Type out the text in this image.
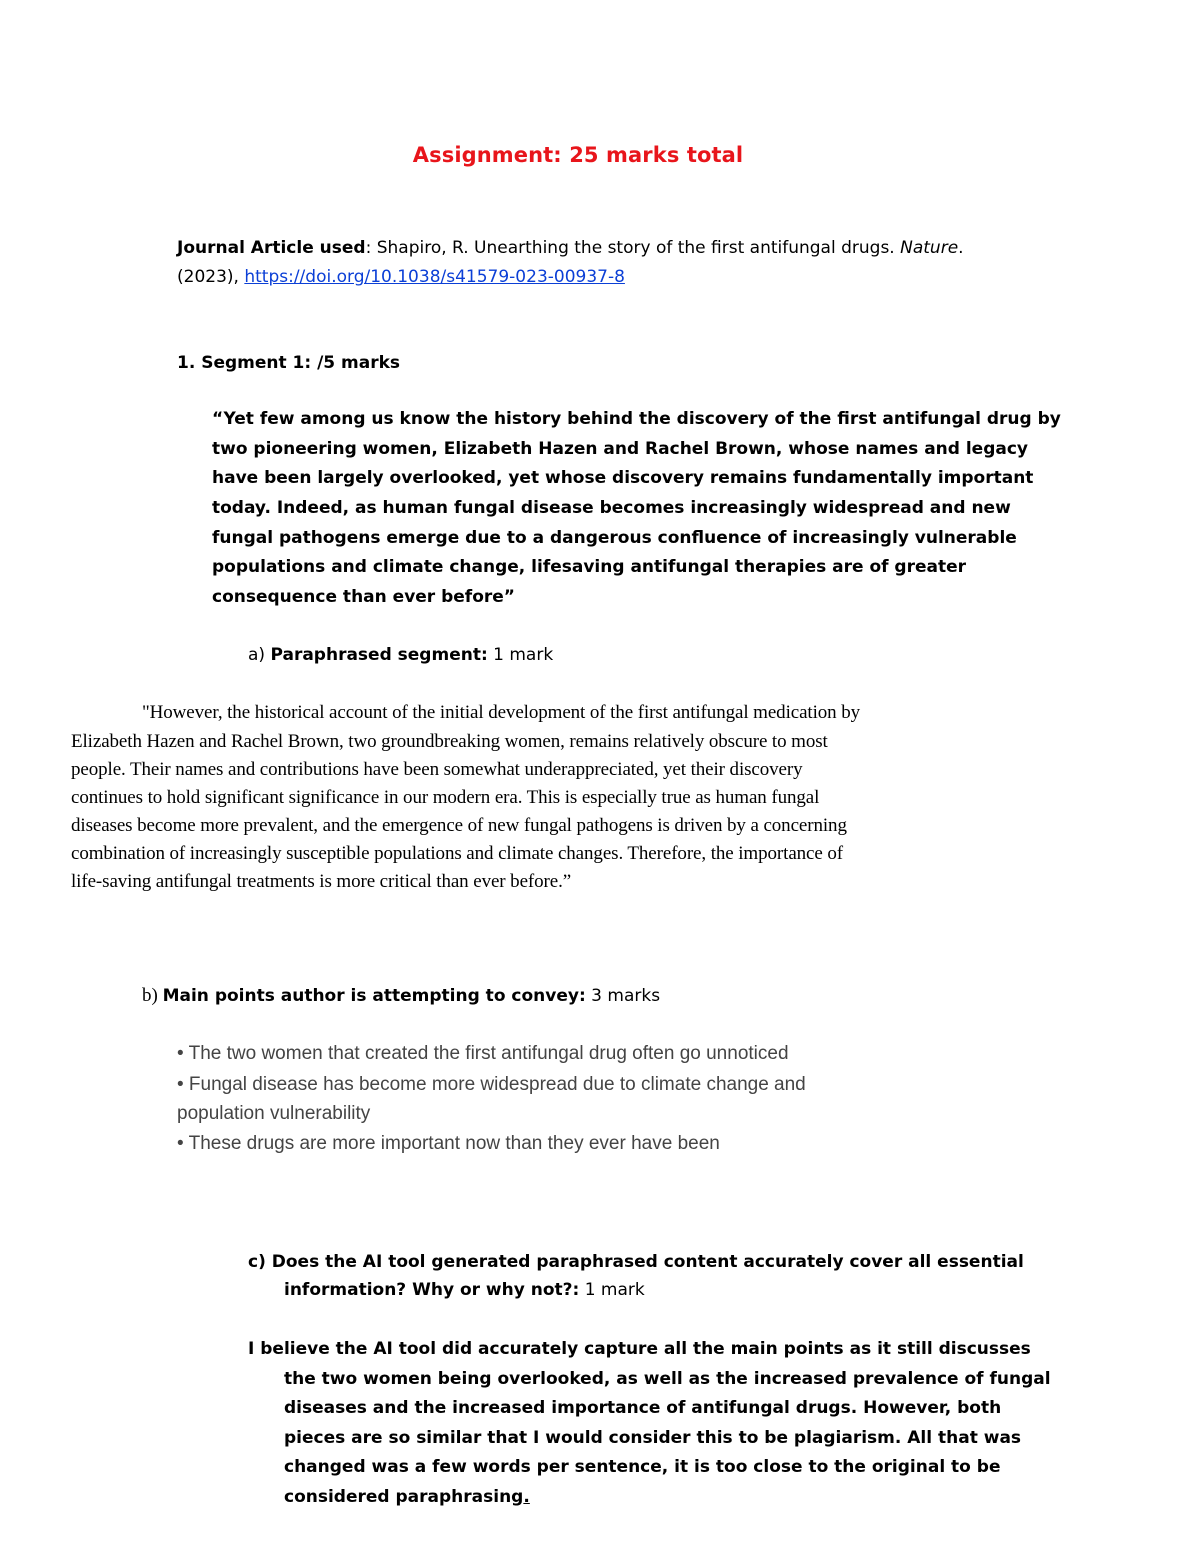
Assignment: 25 marks total
Journal Article used: Shapiro, R. Unearthing the story of the first antifungal drugs. Nature.
(2023), https://doi.org/10.1038/s41579-023-00937-8
1. Segment 1: /5 marks
“Yet few among us know the history behind the discovery of the first antifungal drug by
two pioneering women, Elizabeth Hazen and Rachel Brown, whose names and legacy
have been largely overlooked, yet whose discovery remains fundamentally important
today. Indeed, as human fungal disease becomes increasingly widespread and new
fungal pathogens emerge due to a dangerous confluence of increasingly vulnerable
populations and climate change, lifesaving antifungal therapies are of greater
consequence than ever before”
a) Paraphrased segment: 1 mark
"However, the historical account of the initial development of the first antifungal medication by
Elizabeth Hazen and Rachel Brown, two groundbreaking women, remains relatively obscure to most
people. Their names and contributions have been somewhat underappreciated, yet their discovery
continues to hold significant significance in our modern era. This is especially true as human fungal
diseases become more prevalent, and the emergence of new fungal pathogens is driven by a concerning
combination of increasingly susceptible populations and climate changes. Therefore, the importance of
life-saving antifungal treatments is more critical than ever before.”
b) Main points author is attempting to convey: 3 marks
• The two women that created the first antifungal drug often go unnoticed
• Fungal disease has become more widespread due to climate change and
population vulnerability
• These drugs are more important now than they ever have been
c) Does the AI tool generated paraphrased content accurately cover all essential
information? Why or why not?: 1 mark
I believe the AI tool did accurately capture all the main points as it still discusses
the two women being overlooked, as well as the increased prevalence of fungal
diseases and the increased importance of antifungal drugs. However, both
pieces are so similar that I would consider this to be plagiarism. All that was
changed was a few words per sentence, it is too close to the original to be
considered paraphrasing.
